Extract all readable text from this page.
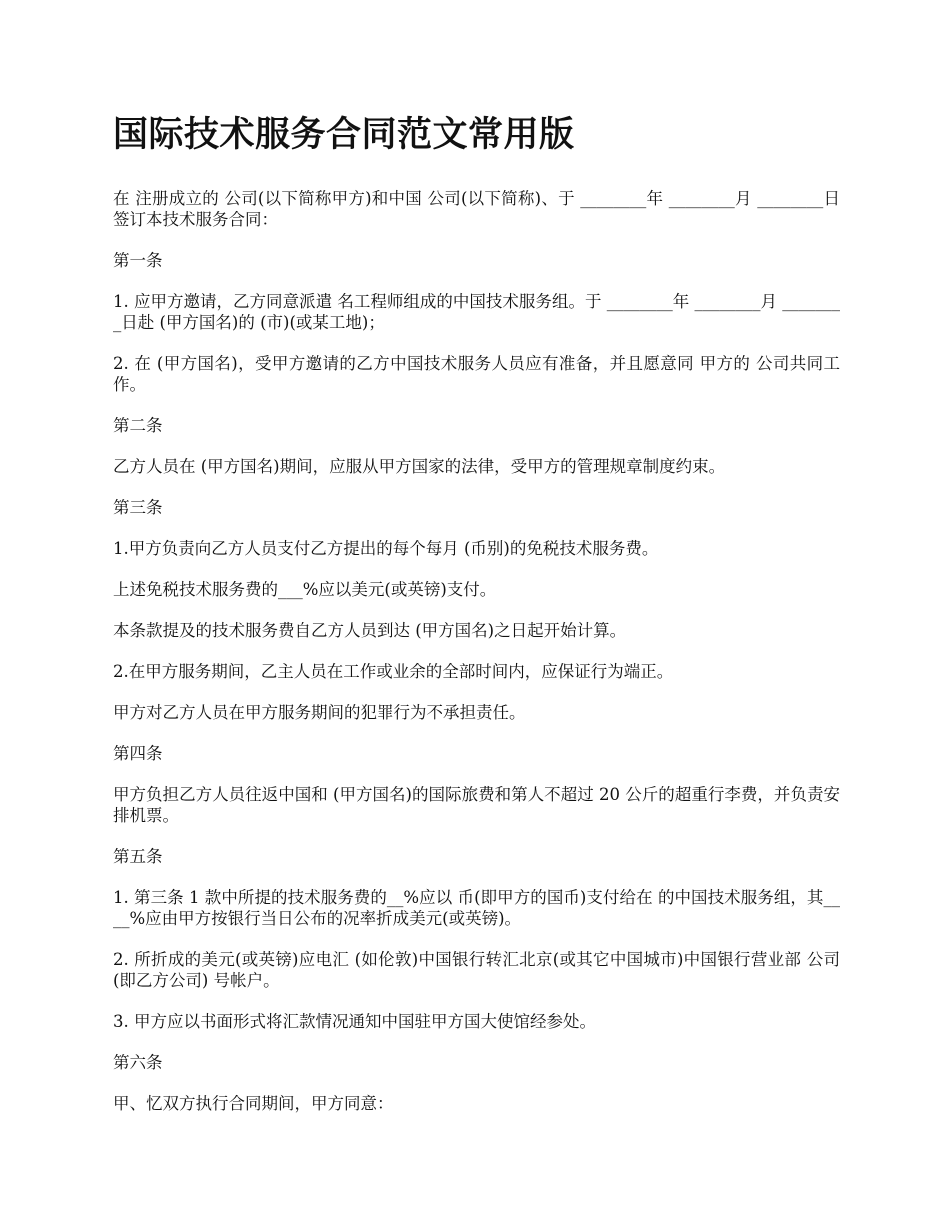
国际技术服务合同范文常用版

在 注册成立的 公司(以下简称甲方)和中国 公司(以下简称)、于 ________年 ________月 ________日签订本技术服务合同：

第一条

1. 应甲方邀请，乙方同意派遣 名工程师组成的中国技术服务组。于 ________年 ________月 ________日赴 (甲方国名)的 (市)(或某工地)；

2. 在 (甲方国名)，受甲方邀请的乙方中国技术服务人员应有准备，并且愿意同 甲方的 公司共同工作。

第二条

乙方人员在 (甲方国名)期间，应服从甲方国家的法律，受甲方的管理规章制度约束。

第三条

1.甲方负责向乙方人员支付乙方提出的每个每月 (币别)的免税技术服务费。

上述免税技术服务费的___%应以美元(或英镑)支付。

本条款提及的技术服务费自乙方人员到达 (甲方国名)之日起开始计算。

2.在甲方服务期间，乙主人员在工作或业余的全部时间内，应保证行为端正。

甲方对乙方人员在甲方服务期间的犯罪行为不承担责任。

第四条

甲方负担乙方人员往返中国和 (甲方国名)的国际旅费和第人不超过 20 公斤的超重行李费，并负责安排机票。

第五条

1. 第三条 1 款中所提的技术服务费的__%应以 币(即甲方的国币)支付给在 的中国技术服务组，其____%应由甲方按银行当日公布的况率折成美元(或英镑)。

2. 所折成的美元(或英镑)应电汇 (如伦敦)中国银行转汇北京(或其它中国城市)中国银行营业部 公司(即乙方公司) 号帐户。

3. 甲方应以书面形式将汇款情况通知中国驻甲方国大使馆经参处。

第六条

甲、忆双方执行合同期间，甲方同意：
